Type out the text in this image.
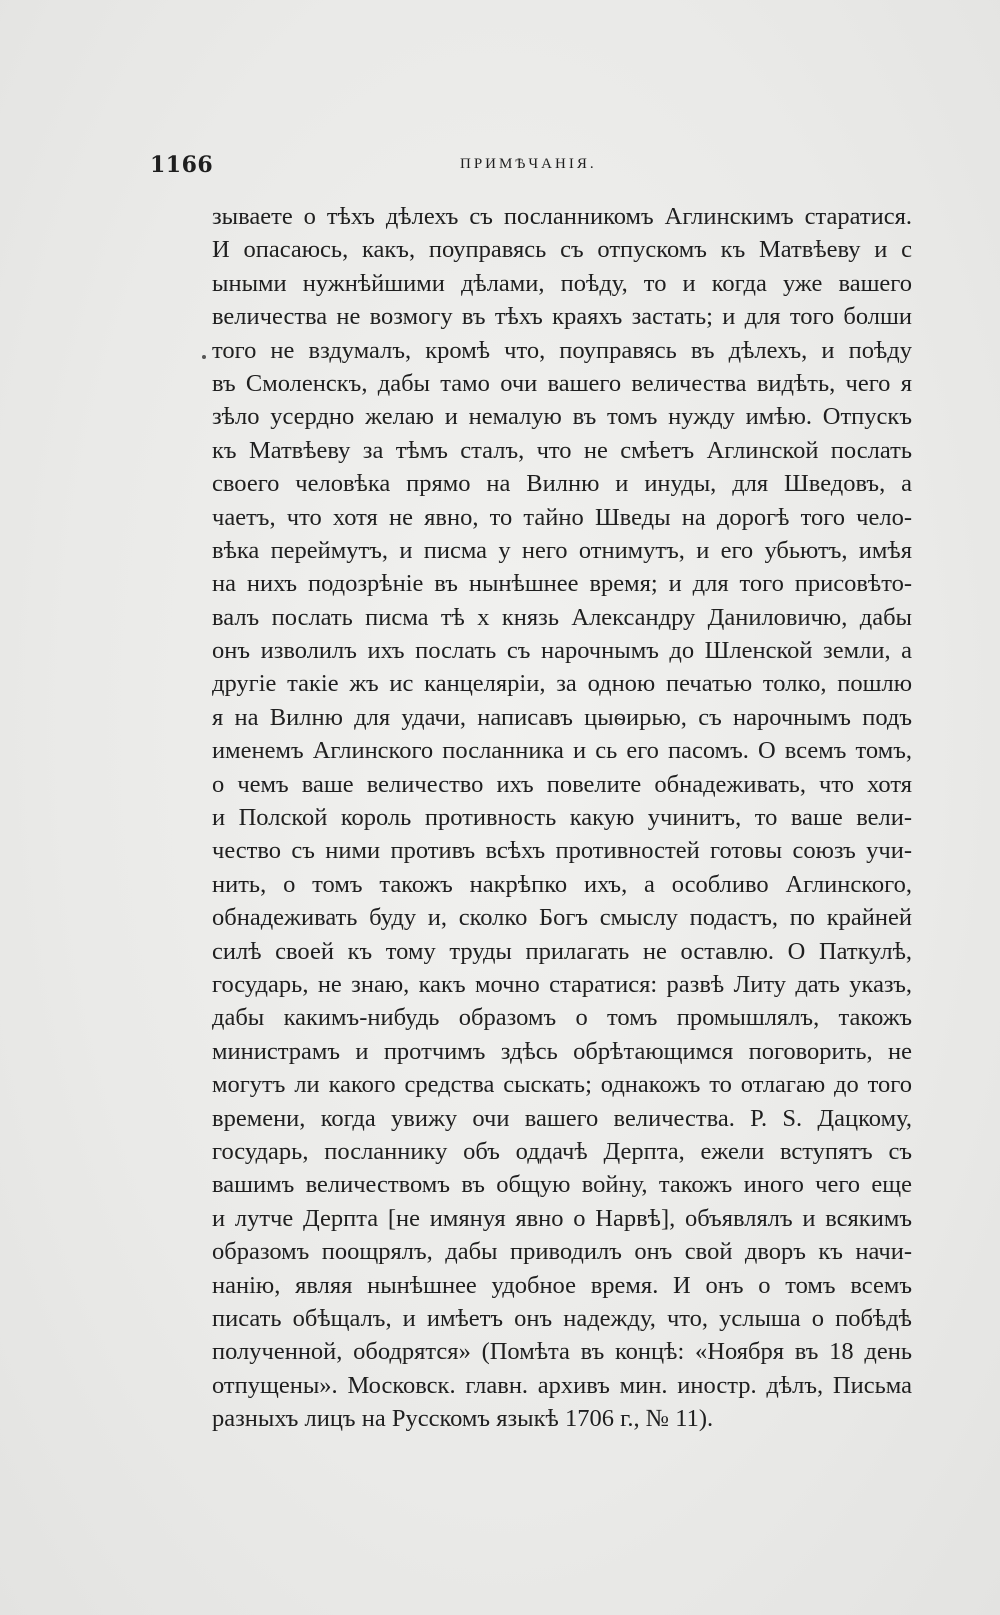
1166	ПРИМѢЧАНІЯ.
зываете о тѣхъ дѣлехъ съ посланникомъ Аглинскимъ старатися.
И опасаюсь, какъ, поуправясь съ отпускомъ къ Матвѣеву и с
ыными нужнѣйшими дѣлами, поѣду, то и когда уже вашего
величества не возмогу въ тѣхъ краяхъ застать; и для того болши
того не вздумалъ, кромѣ что, поуправясь въ дѣлехъ, и поѣду
въ Смоленскъ, дабы тамо очи вашего величества видѣть, чего я
зѣло усердно желаю и немалую въ томъ нужду имѣю. Отпускъ
къ Матвѣеву за тѣмъ сталъ, что не смѣетъ Аглинской послать
своего человѣка прямо на Вилню и инуды, для Шведовъ, а
чаетъ, что хотя не явно, то тайно Шведы на дорогѣ того чело-
вѣка переймутъ, и писма у него отнимутъ, и его убьютъ, имѣя
на нихъ подозрѣніе въ нынѣшнее время; и для того присовѣто-
валъ послать писма тѣ х князь Александру Даниловичю, дабы
онъ изволилъ ихъ послать съ нарочнымъ до Шленской земли, а
другіе такіе жъ ис канцеляріи, за одною печатью толко, пошлю
я на Вилню для удачи, написавъ цыѳирью, съ нарочнымъ подъ
именемъ Аглинского посланника и сь его пасомъ. О всемъ томъ,
о чемъ ваше величество ихъ повелите обнадеживать, что хотя
и Полской король противность какую учинитъ, то ваше вели-
чество съ ними противъ всѣхъ противностей готовы союзъ учи-
нить, о томъ такожъ накрѣпко ихъ, а особливо Аглинского,
обнадеживать буду и, сколко Богъ смыслу подастъ, по крайней
силѣ своей къ тому труды прилагать не оставлю. О Паткулѣ,
государь, не знаю, какъ мочно старатися: развѣ Литу дать указъ,
дабы какимъ-нибудь образомъ о томъ промышлялъ, такожъ
министрамъ и протчимъ здѣсь обрѣтающимся поговорить, не
могутъ ли какого средства сыскать; однакожъ то отлагаю до того
времени, когда увижу очи вашего величества. P. S. Дацкому,
государь, посланнику объ оддачѣ Дерпта, ежели вступятъ съ
вашимъ величествомъ въ общую войну, такожъ иного чего еще
и лутче Дерпта [не имянуя явно о Нарвѣ], объявлялъ и всякимъ
образомъ поощрялъ, дабы приводилъ онъ свой дворъ къ начи-
нанію, являя нынѣшнее удобное время. И онъ о томъ всемъ
писать обѣщалъ, и имѣетъ онъ надежду, что, услыша о побѣдѣ
полученной, ободрятся» (Помѣта въ концѣ: «Ноября въ 18 день
отпущены». Московск. главн. архивъ мин. иностр. дѣлъ, Письма
разныхъ лицъ на Русскомъ языкѣ 1706 г., № 11).
